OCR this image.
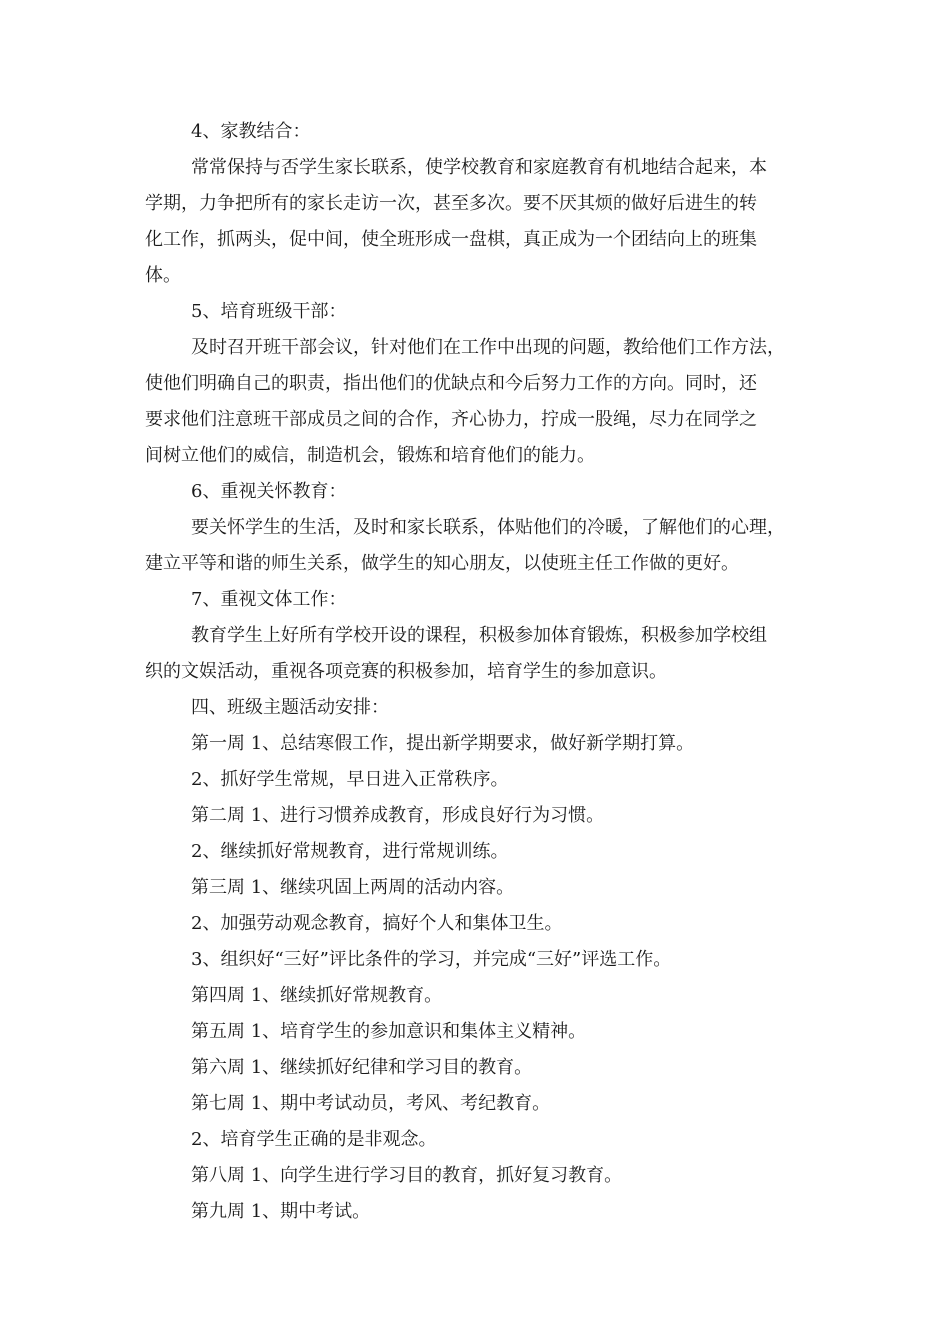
4、家教结合：
常常保持与否学生家长联系，使学校教育和家庭教育有机地结合起来，本
学期，力争把所有的家长走访一次，甚至多次。要不厌其烦的做好后进生的转
化工作，抓两头，促中间，使全班形成一盘棋，真正成为一个团结向上的班集
体。
5、培育班级干部：
及时召开班干部会议，针对他们在工作中出现的问题，教给他们工作方法，
使他们明确自己的职责，指出他们的优缺点和今后努力工作的方向。同时，还
要求他们注意班干部成员之间的合作，齐心协力，拧成一股绳，尽力在同学之
间树立他们的威信，制造机会，锻炼和培育他们的能力。
6、重视关怀教育：
要关怀学生的生活，及时和家长联系，体贴他们的冷暖，了解他们的心理，
建立平等和谐的师生关系，做学生的知心朋友，以使班主任工作做的更好。
7、重视文体工作：
教育学生上好所有学校开设的课程，积极参加体育锻炼，积极参加学校组
织的文娱活动，重视各项竞赛的积极参加，培育学生的参加意识。
四、班级主题活动安排：
第一周 1、总结寒假工作，提出新学期要求，做好新学期打算。
2、抓好学生常规，早日进入正常秩序。
第二周 1、进行习惯养成教育，形成良好行为习惯。
2、继续抓好常规教育，进行常规训练。
第三周 1、继续巩固上两周的活动内容。
2、加强劳动观念教育，搞好个人和集体卫生。
3、组织好“三好”评比条件的学习，并完成“三好”评选工作。
第四周 1、继续抓好常规教育。
第五周 1、培育学生的参加意识和集体主义精神。
第六周 1、继续抓好纪律和学习目的教育。
第七周 1、期中考试动员，考风、考纪教育。
2、培育学生正确的是非观念。
第八周 1、向学生进行学习目的教育，抓好复习教育。
第九周 1、期中考试。
